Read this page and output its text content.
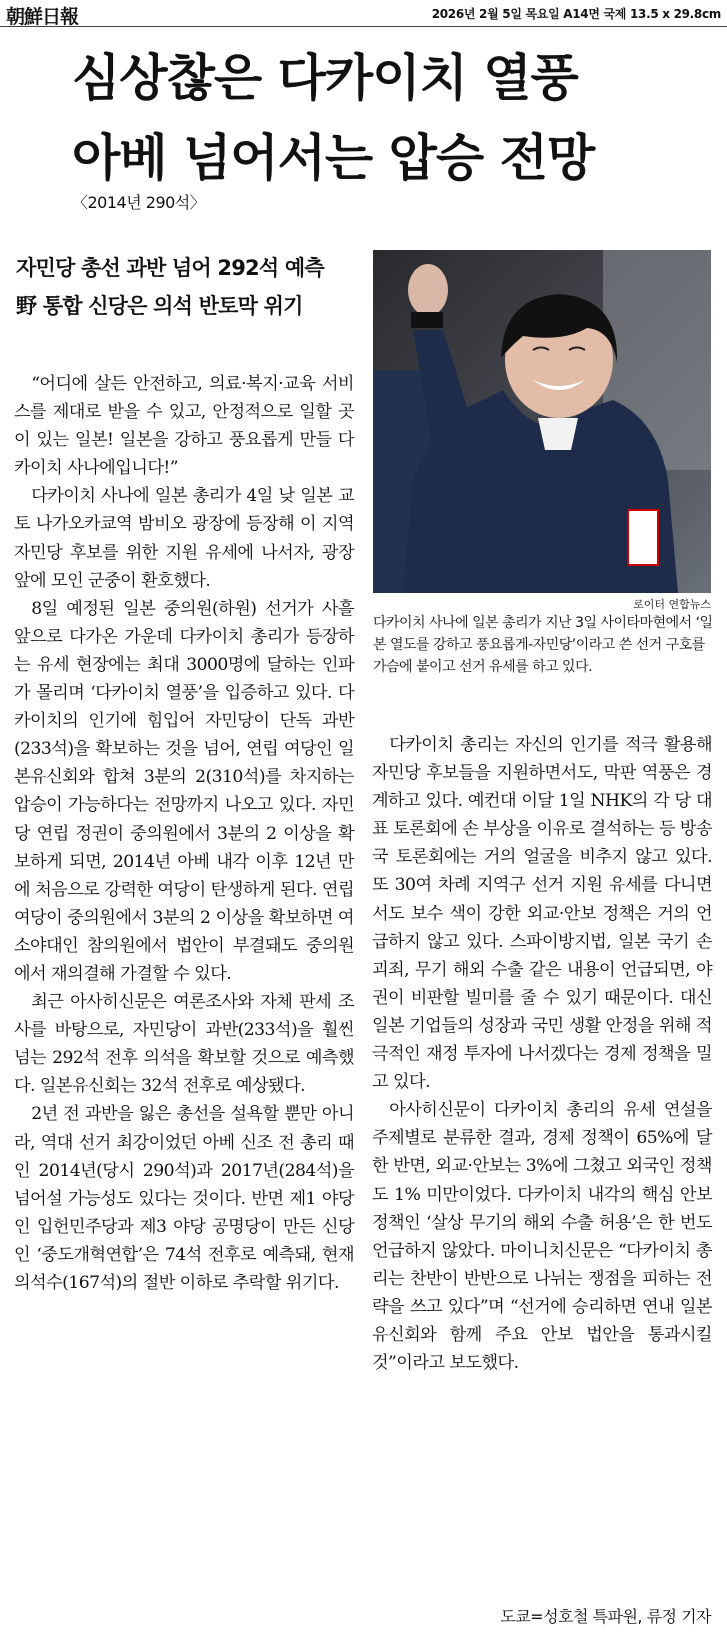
朝鮮日報	2026년 2월 5일 목요일 A14면 국제 13.5 x 29.8cm
심상찮은 다카이치 열풍
아베 넘어서는 압승 전망
〈2014년 290석〉
자민당 총선 과반 넘어 292석 예측
野 통합 신당은 의석 반토막 위기
로이터 연합뉴스
다카이치 사나에 일본 총리가 지난 3일 사이타마현에서 ‘일본 열도를 강하고 풍요롭게-자민당’이라고 쓴 선거 구호를 가슴에 붙이고 선거 유세를 하고 있다.

“어디에 살든 안전하고, 의료·복지·교육 서비스를 제대로 받을 수 있고, 안정적으로 일할 곳이 있는 일본! 일본을 강하고 풍요롭게 만들 다카이치 사나에입니다!”

다카이치 사나에 일본 총리가 4일 낮 일본 교토 나가오카쿄역 밤비오 광장에 등장해 이 지역 자민당 후보를 위한 지원 유세에 나서자, 광장 앞에 모인 군중이 환호했다.

8일 예정된 일본 중의원(하원) 선거가 사흘 앞으로 다가온 가운데 다카이치 총리가 등장하는 유세 현장에는 최대 3000명에 달하는 인파가 몰리며 ‘다카이치 열풍’을 입증하고 있다. 다카이치의 인기에 힘입어 자민당이 단독 과반(233석)을 확보하는 것을 넘어, 연립 여당인 일본유신회와 합쳐 3분의 2(310석)를 차지하는 압승이 가능하다는 전망까지 나오고 있다. 자민당 연립 정권이 중의원에서 3분의 2 이상을 확보하게 되면, 2014년 아베 내각 이후 12년 만에 처음으로 강력한 여당이 탄생하게 된다. 연립 여당이 중의원에서 3분의 2 이상을 확보하면 여소야대인 참의원에서 법안이 부결돼도 중의원에서 재의결해 가결할 수 있다.

최근 아사히신문은 여론조사와 자체 판세 조사를 바탕으로, 자민당이 과반(233석)을 훨씬 넘는 292석 전후 의석을 확보할 것으로 예측했다. 일본유신회는 32석 전후로 예상됐다.

2년 전 과반을 잃은 총선을 설욕할 뿐만 아니라, 역대 선거 최강이었던 아베 신조 전 총리 때인 2014년(당시 290석)과 2017년(284석)을 넘어설 가능성도 있다는 것이다. 반면 제1 야당인 입헌민주당과 제3 야당 공명당이 만든 신당인 ‘중도개혁연합’은 74석 전후로 예측돼, 현재 의석수(167석)의 절반 이하로 추락할 위기다.

다카이치 총리는 자신의 인기를 적극 활용해 자민당 후보들을 지원하면서도, 막판 역풍은 경계하고 있다. 예컨대 이달 1일 NHK의 각 당 대표 토론회에 손 부상을 이유로 결석하는 등 방송국 토론회에는 거의 얼굴을 비추지 않고 있다. 또 30여 차례 지역구 선거 지원 유세를 다니면서도 보수 색이 강한 외교·안보 정책은 거의 언급하지 않고 있다. 스파이방지법, 일본 국기 손괴죄, 무기 해외 수출 같은 내용이 언급되면, 야권이 비판할 빌미를 줄 수 있기 때문이다. 대신 일본 기업들의 성장과 국민 생활 안정을 위해 적극적인 재정 투자에 나서겠다는 경제 정책을 밀고 있다.

아사히신문이 다카이치 총리의 유세 연설을 주제별로 분류한 결과, 경제 정책이 65%에 달한 반면, 외교·안보는 3%에 그쳤고 외국인 정책도 1% 미만이었다. 다카이치 내각의 핵심 안보 정책인 ‘살상 무기의 해외 수출 허용’은 한 번도 언급하지 않았다. 마이니치신문은 “다카이치 총리는 찬반이 반반으로 나뉘는 쟁점을 피하는 전략을 쓰고 있다”며 “선거에 승리하면 연내 일본유신회와 함께 주요 안보 법안을 통과시킬 것”이라고 보도했다.

도쿄=성호철 특파원, 류정 기자
